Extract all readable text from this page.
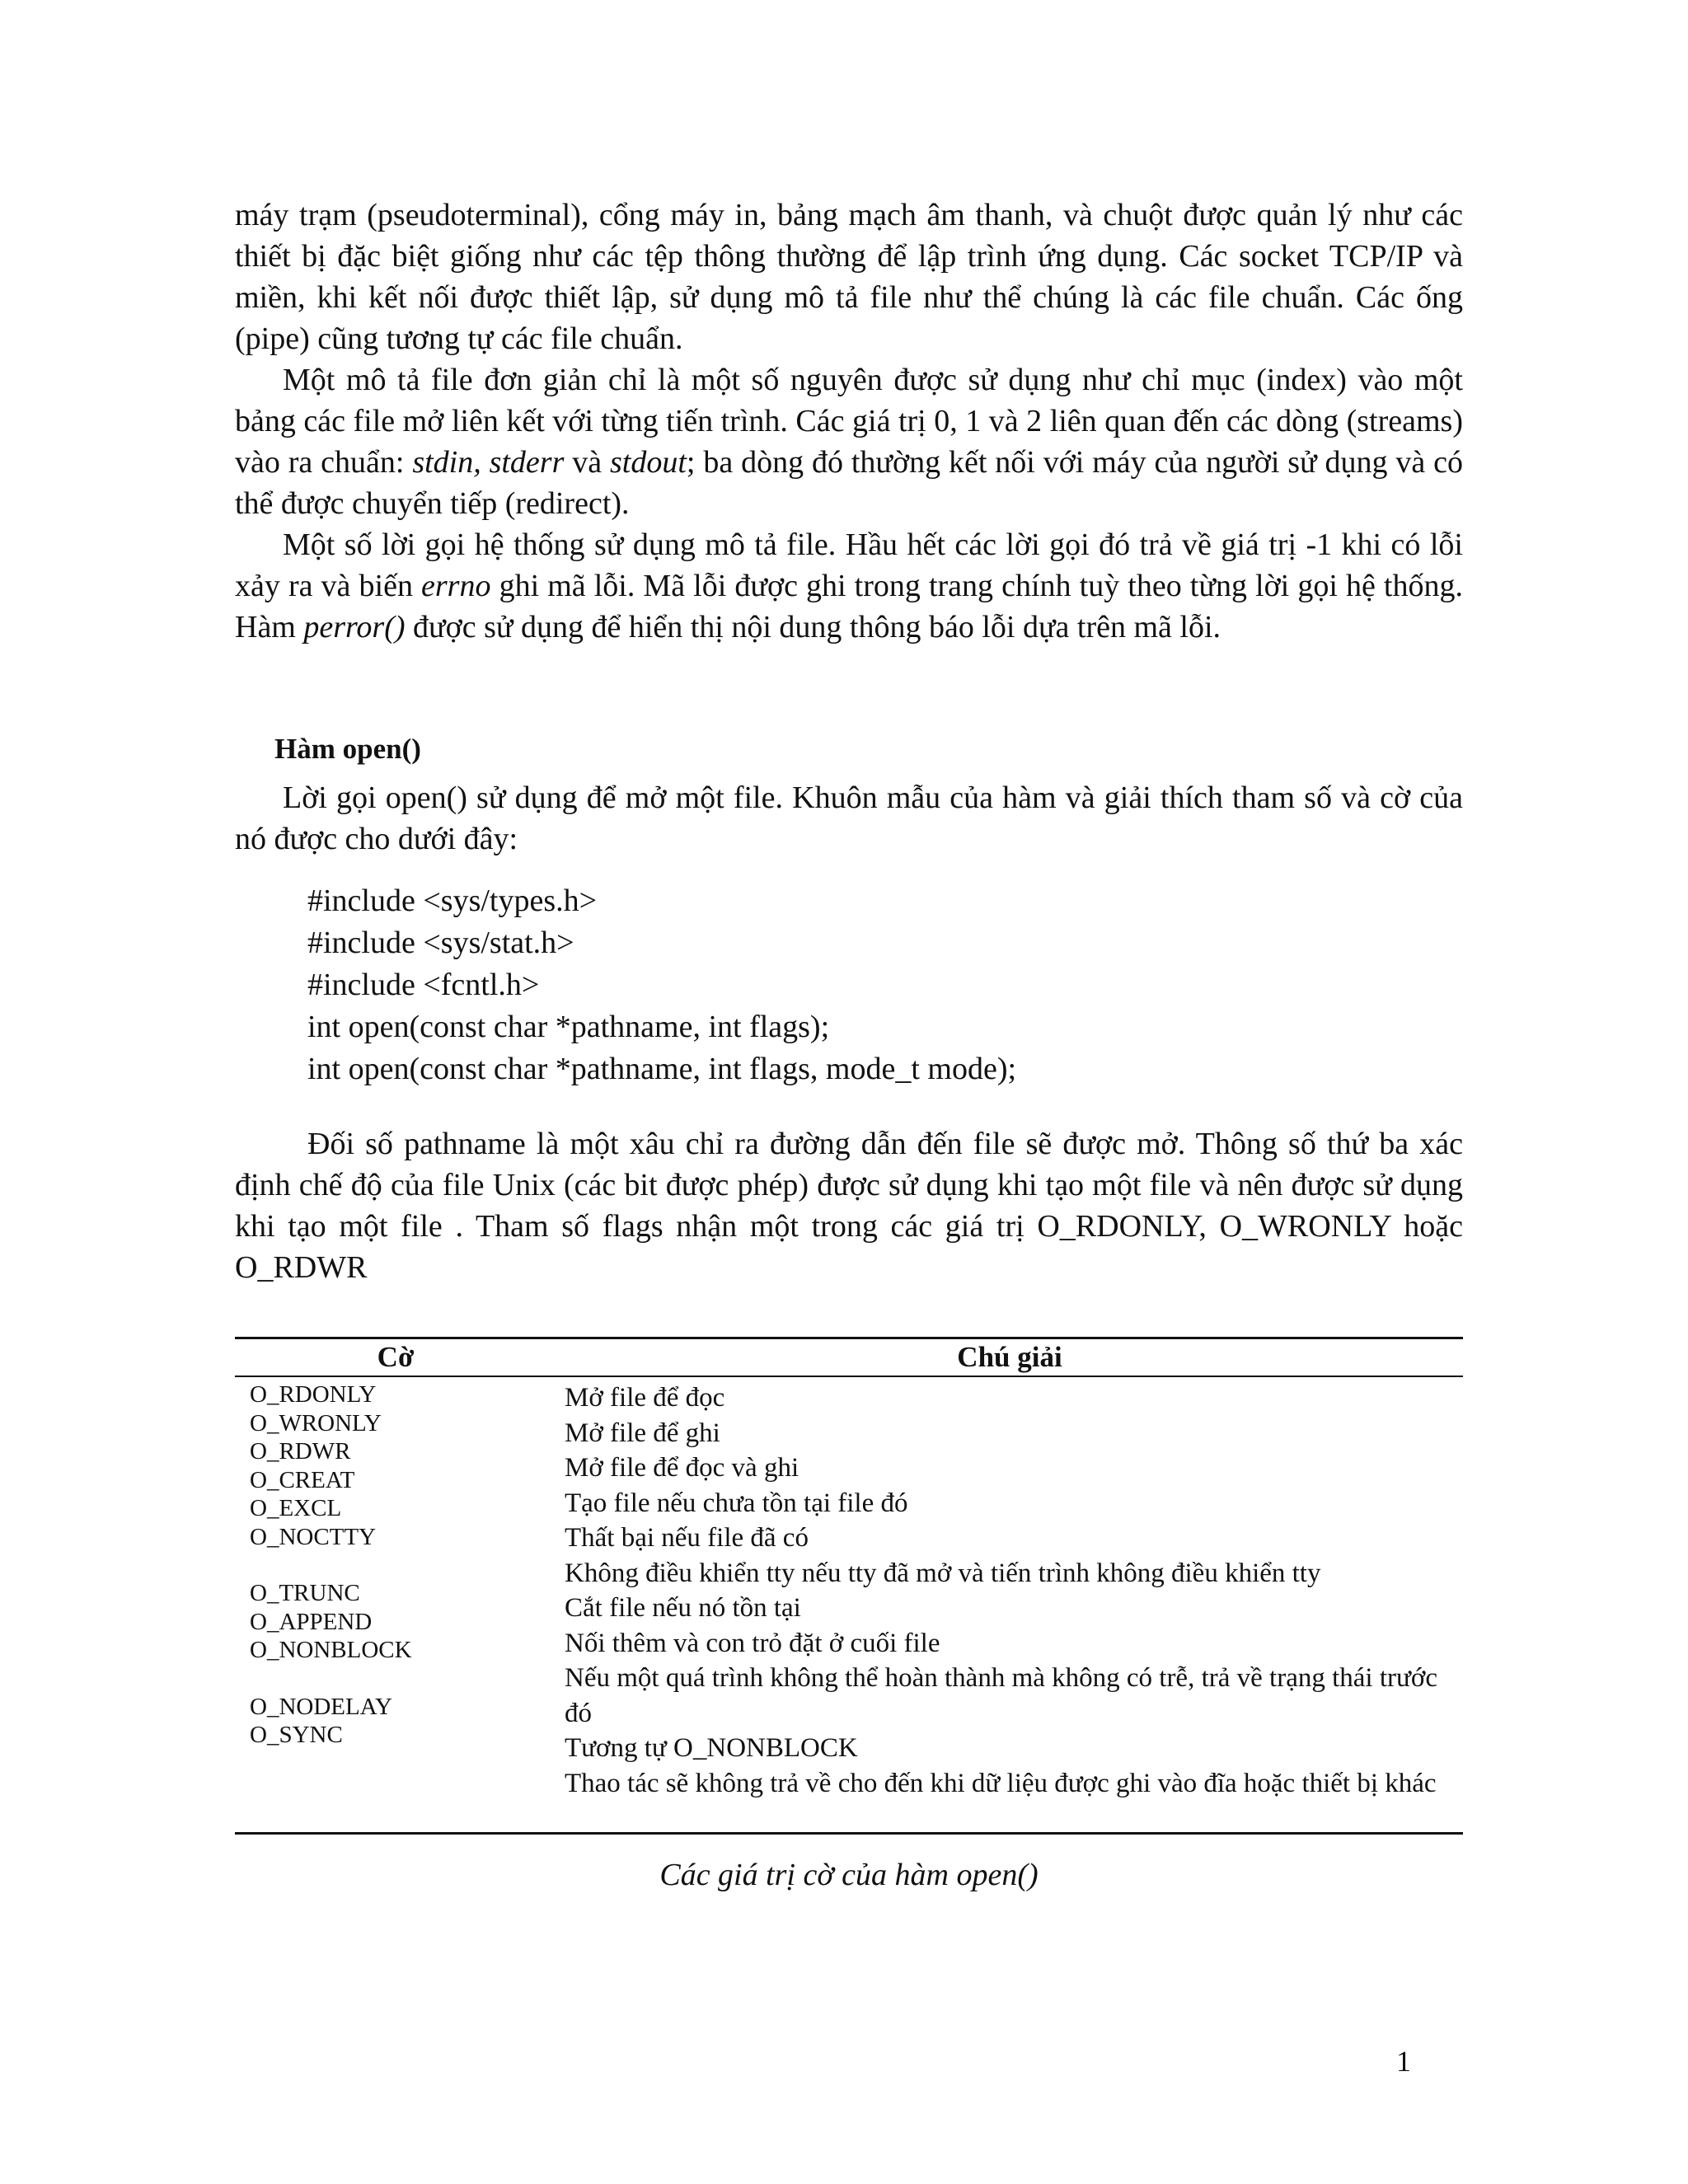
máy trạm (pseudoterminal), cổng máy in, bảng mạch âm thanh, và chuột được quản lý như các thiết bị đặc biệt giống như các tệp thông thường để lập trình ứng dụng. Các socket TCP/IP và miền, khi kết nối được thiết lập, sử dụng mô tả file như thể chúng là các file chuẩn. Các ống (pipe) cũng tương tự các file chuẩn.

Một mô tả file đơn giản chỉ là một số nguyên được sử dụng như chỉ mục (index) vào một bảng các file mở liên kết với từng tiến trình. Các giá trị 0, 1 và 2 liên quan đến các dòng (streams) vào ra chuẩn: stdin, stderr và stdout; ba dòng đó thường kết nối với máy của người sử dụng và có thể được chuyển tiếp (redirect).

Một số lời gọi hệ thống sử dụng mô tả file. Hầu hết các lời gọi đó trả về giá trị -1 khi có lỗi xảy ra và biến errno ghi mã lỗi. Mã lỗi được ghi trong trang chính tuỳ theo từng lời gọi hệ thống. Hàm perror() được sử dụng để hiển thị nội dung thông báo lỗi dựa trên mã lỗi.

Hàm open()

Lời gọi open() sử dụng để mở một file. Khuôn mẫu của hàm và giải thích tham số và cờ của nó được cho dưới đây:

#include <sys/types.h>
#include <sys/stat.h>
#include <fcntl.h>
int open(const char *pathname, int flags);
int open(const char *pathname, int flags, mode_t mode);

Đối số pathname là một xâu chỉ ra đường dẫn đến file sẽ được mở. Thông số thứ ba xác định chế độ của file Unix (các bit được phép) được sử dụng khi tạo một file và nên được sử dụng khi tạo một file . Tham số flags nhận một trong các giá trị O_RDONLY, O_WRONLY hoặc O_RDWR

Cờ	Chú giải
O_RDONLY
O_WRONLY
O_RDWR
O_CREAT
O_EXCL
O_NOCTTY
O_TRUNC
O_APPEND
O_NONBLOCK
O_NODELAY
O_SYNC
Mở file để đọc
Mở file để ghi
Mở file để đọc và ghi
Tạo file nếu chưa tồn tại file đó
Thất bại nếu file đã có
Không điều khiển tty nếu tty đã mở và tiến trình không điều khiển tty
Cắt file nếu nó tồn tại
Nối thêm và con trỏ đặt ở cuối file
Nếu một quá trình không thể hoàn thành mà không có trễ, trả về trạng thái trước đó
Tương tự O_NONBLOCK
Thao tác sẽ không trả về cho đến khi dữ liệu được ghi vào đĩa hoặc thiết bị khác

Các giá trị cờ của hàm open()

1
